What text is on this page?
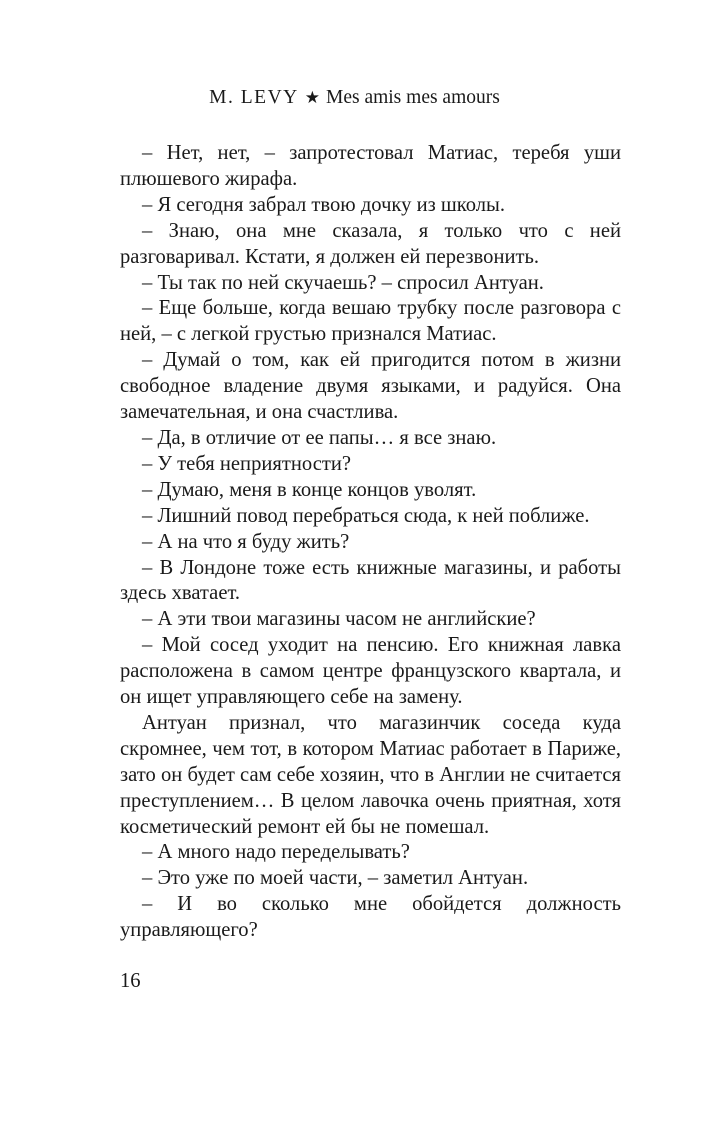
M. LEVY ★ Mes amis mes amours

– Нет, нет, – запротестовал Матиас, теребя уши плюшевого жирафа.

– Я сегодня забрал твою дочку из школы.

– Знаю, она мне сказала, я только что с ней разговаривал. Кстати, я должен ей перезвонить.

– Ты так по ней скучаешь? – спросил Антуан.

– Еще больше, когда вешаю трубку после разговора с ней, – с легкой грустью признался Матиас.

– Думай о том, как ей пригодится потом в жизни свободное владение двумя языками, и радуйся. Она замечательная, и она счастлива.

– Да, в отличие от ее папы… я все знаю.

– У тебя неприятности?

– Думаю, меня в конце концов уволят.

– Лишний повод перебраться сюда, к ней поближе.

– А на что я буду жить?

– В Лондоне тоже есть книжные магазины, и работы здесь хватает.

– А эти твои магазины часом не английские?

– Мой сосед уходит на пенсию. Его книжная лавка расположена в самом центре французского квартала, и он ищет управляющего себе на замену.

Антуан признал, что магазинчик соседа куда скромнее, чем тот, в котором Матиас работает в Париже, зато он будет сам себе хозяин, что в Англии не считается преступлением… В целом лавочка очень приятная, хотя косметический ремонт ей бы не помешал.

– А много надо переделывать?

– Это уже по моей части, – заметил Антуан.

– И во сколько мне обойдется должность управляющего?

16
